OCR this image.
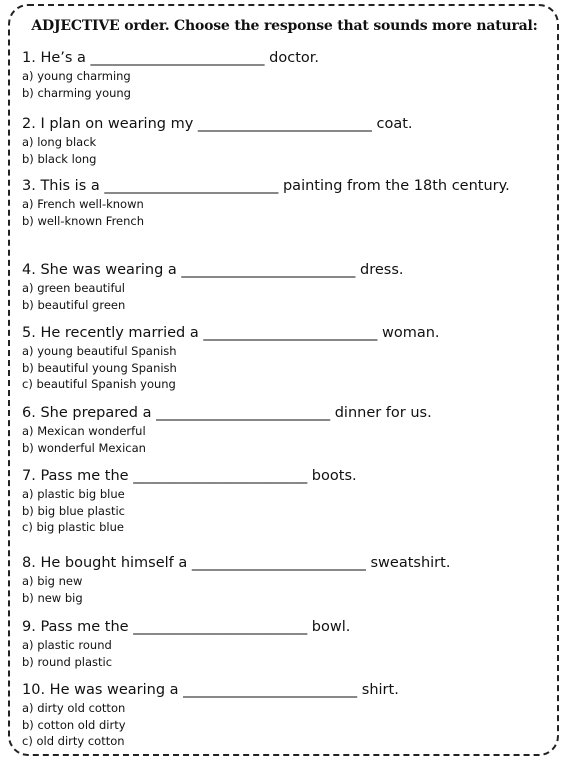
ADJECTIVE order. Choose the response that sounds more natural:
1. He’s a ________________________ doctor.
a) young charming
b) charming young
2. I plan on wearing my ________________________ coat.
a) long black
b) black long
3. This is a ________________________ painting from the 18th century.
a) French well-known
b) well-known French
4. She was wearing a ________________________ dress.
a) green beautiful
b) beautiful green
5. He recently married a ________________________ woman.
a) young beautiful Spanish
b) beautiful young Spanish
c) beautiful Spanish young
6. She prepared a ________________________ dinner for us.
a) Mexican wonderful
b) wonderful Mexican
7. Pass me the ________________________ boots.
a) plastic big blue
b) big blue plastic
c) big plastic blue
8. He bought himself a ________________________ sweatshirt.
a) big new
b) new big
9. Pass me the ________________________ bowl.
a) plastic round
b) round plastic
10. He was wearing a ________________________ shirt.
a) dirty old cotton
b) cotton old dirty
c) old dirty cotton
